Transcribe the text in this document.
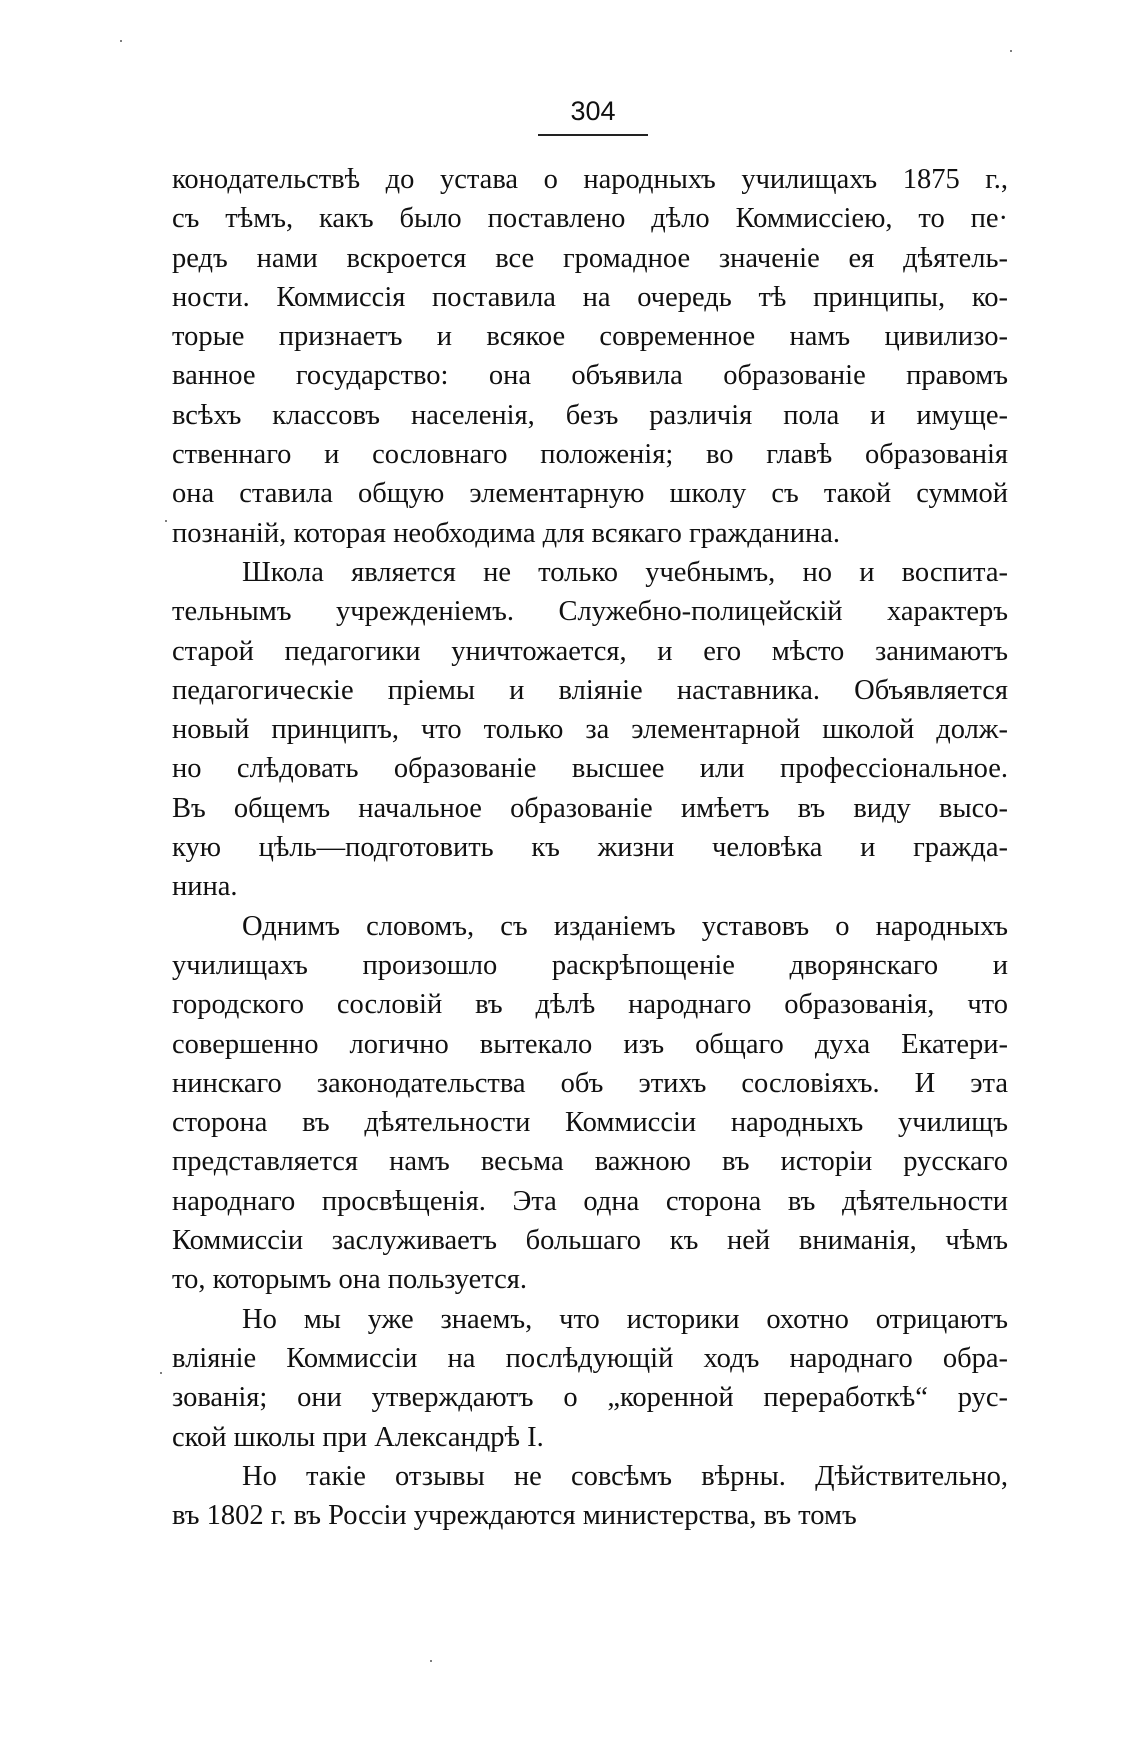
304
конодательствѣ до устава о народныхъ училищахъ 1875 г.,
съ тѣмъ, какъ было поставлено дѣло Коммиссіею, то пе·
редъ нами вскроется все громадное значеніе ея дѣятель-
ности. Коммиссія поставила на очередь тѣ принципы, ко-
торые признаетъ и всякое современное намъ цивилизо-
ванное государство: она объявила образованіе правомъ
всѣхъ классовъ населенія, безъ различія пола и имуще-
ственнаго и сословнаго положенія; во главѣ образованія
она ставила общую элементарную школу съ такой суммой
познаній, которая необходима для всякаго гражданина.
Школа является не только учебнымъ, но и воспита-
тельнымъ учрежденіемъ. Служебно-полицейскій характеръ
старой педагогики уничтожается, и его мѣсто занимаютъ
педагогическіе пріемы и вліяніе наставника. Объявляется
новый принципъ, что только за элементарной школой долж-
но слѣдовать образованіе высшее или профессіональное.
Въ общемъ начальное образованіе имѣетъ въ виду высо-
кую цѣль—подготовить къ жизни человѣка и гражда-
нина.
Однимъ словомъ, съ изданіемъ уставовъ о народныхъ
училищахъ произошло раскрѣпощеніе дворянскаго и
городского сословій въ дѣлѣ народнаго образованія, что
совершенно логично вытекало изъ общаго духа Екатери-
нинскаго законодательства объ этихъ сословіяхъ. И эта
сторона въ дѣятельности Коммиссіи народныхъ училищъ
представляется намъ весьма важною въ исторіи русскаго
народнаго просвѣщенія. Эта одна сторона въ дѣятельности
Коммиссіи заслуживаетъ большаго къ ней вниманія, чѣмъ
то, которымъ она пользуется.
Но мы уже знаемъ, что историки охотно отрицаютъ
вліяніе Коммиссіи на послѣдующій ходъ народнаго обра-
зованія; они утверждаютъ о „коренной переработкѣ“ рус-
ской школы при Александрѣ I.
Но такіе отзывы не совсѣмъ вѣрны. Дѣйствительно,
въ 1802 г. въ Россіи учреждаются министерства, въ томъ
